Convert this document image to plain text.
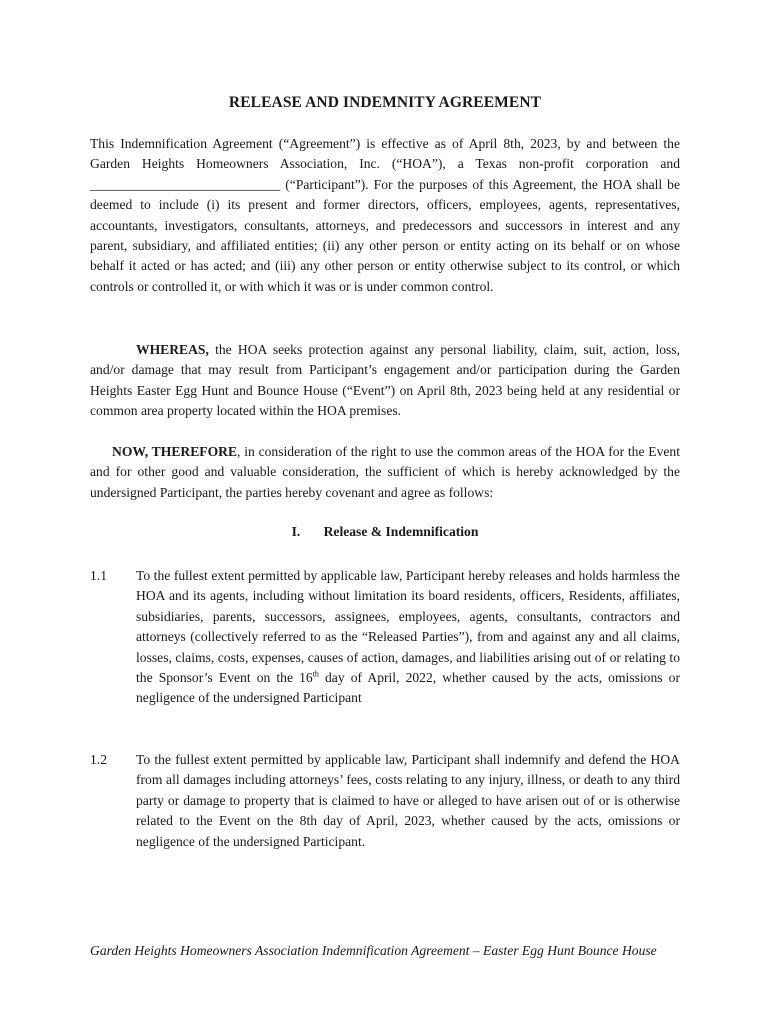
RELEASE AND INDEMNITY AGREEMENT

This Indemnification Agreement (“Agreement”) is effective as of April 8th, 2023, by and between the Garden Heights Homeowners Association, Inc. (“HOA”), a Texas non-profit corporation and ____________________________ (“Participant”). For the purposes of this Agreement, the HOA shall be deemed to include (i) its present and former directors, officers, employees, agents, representatives, accountants, investigators, consultants, attorneys, and predecessors and successors in interest and any parent, subsidiary, and affiliated entities; (ii) any other person or entity acting on its behalf or on whose behalf it acted or has acted; and (iii) any other person or entity otherwise subject to its control, or which controls or controlled it, or with which it was or is under common control.

WHEREAS, the HOA seeks protection against any personal liability, claim, suit, action, loss, and/or damage that may result from Participant’s engagement and/or participation during the Garden Heights Easter Egg Hunt and Bounce House (“Event”) on April 8th, 2023 being held at any residential or common area property located within the HOA premises.

NOW, THEREFORE, in consideration of the right to use the common areas of the HOA for the Event and for other good and valuable consideration, the sufficient of which is hereby acknowledged by the undersigned Participant, the parties hereby covenant and agree as follows:

I. Release & Indemnification
1.1 To the fullest extent permitted by applicable law, Participant hereby releases and holds harmless the HOA and its agents, including without limitation its board residents, officers, Residents, affiliates, subsidiaries, parents, successors, assignees, employees, agents, consultants, contractors and attorneys (collectively referred to as the “Released Parties”), from and against any and all claims, losses, claims, costs, expenses, causes of action, damages, and liabilities arising out of or relating to the Sponsor’s Event on the 16th day of April, 2022, whether caused by the acts, omissions or negligence of the undersigned Participant

1.2 To the fullest extent permitted by applicable law, Participant shall indemnify and defend the HOA from all damages including attorneys’ fees, costs relating to any injury, illness, or death to any third party or damage to property that is claimed to have or alleged to have arisen out of or is otherwise related to the Event on the 8th day of April, 2023, whether caused by the acts, omissions or negligence of the undersigned Participant.

Garden Heights Homeowners Association Indemnification Agreement – Easter Egg Hunt Bounce House
